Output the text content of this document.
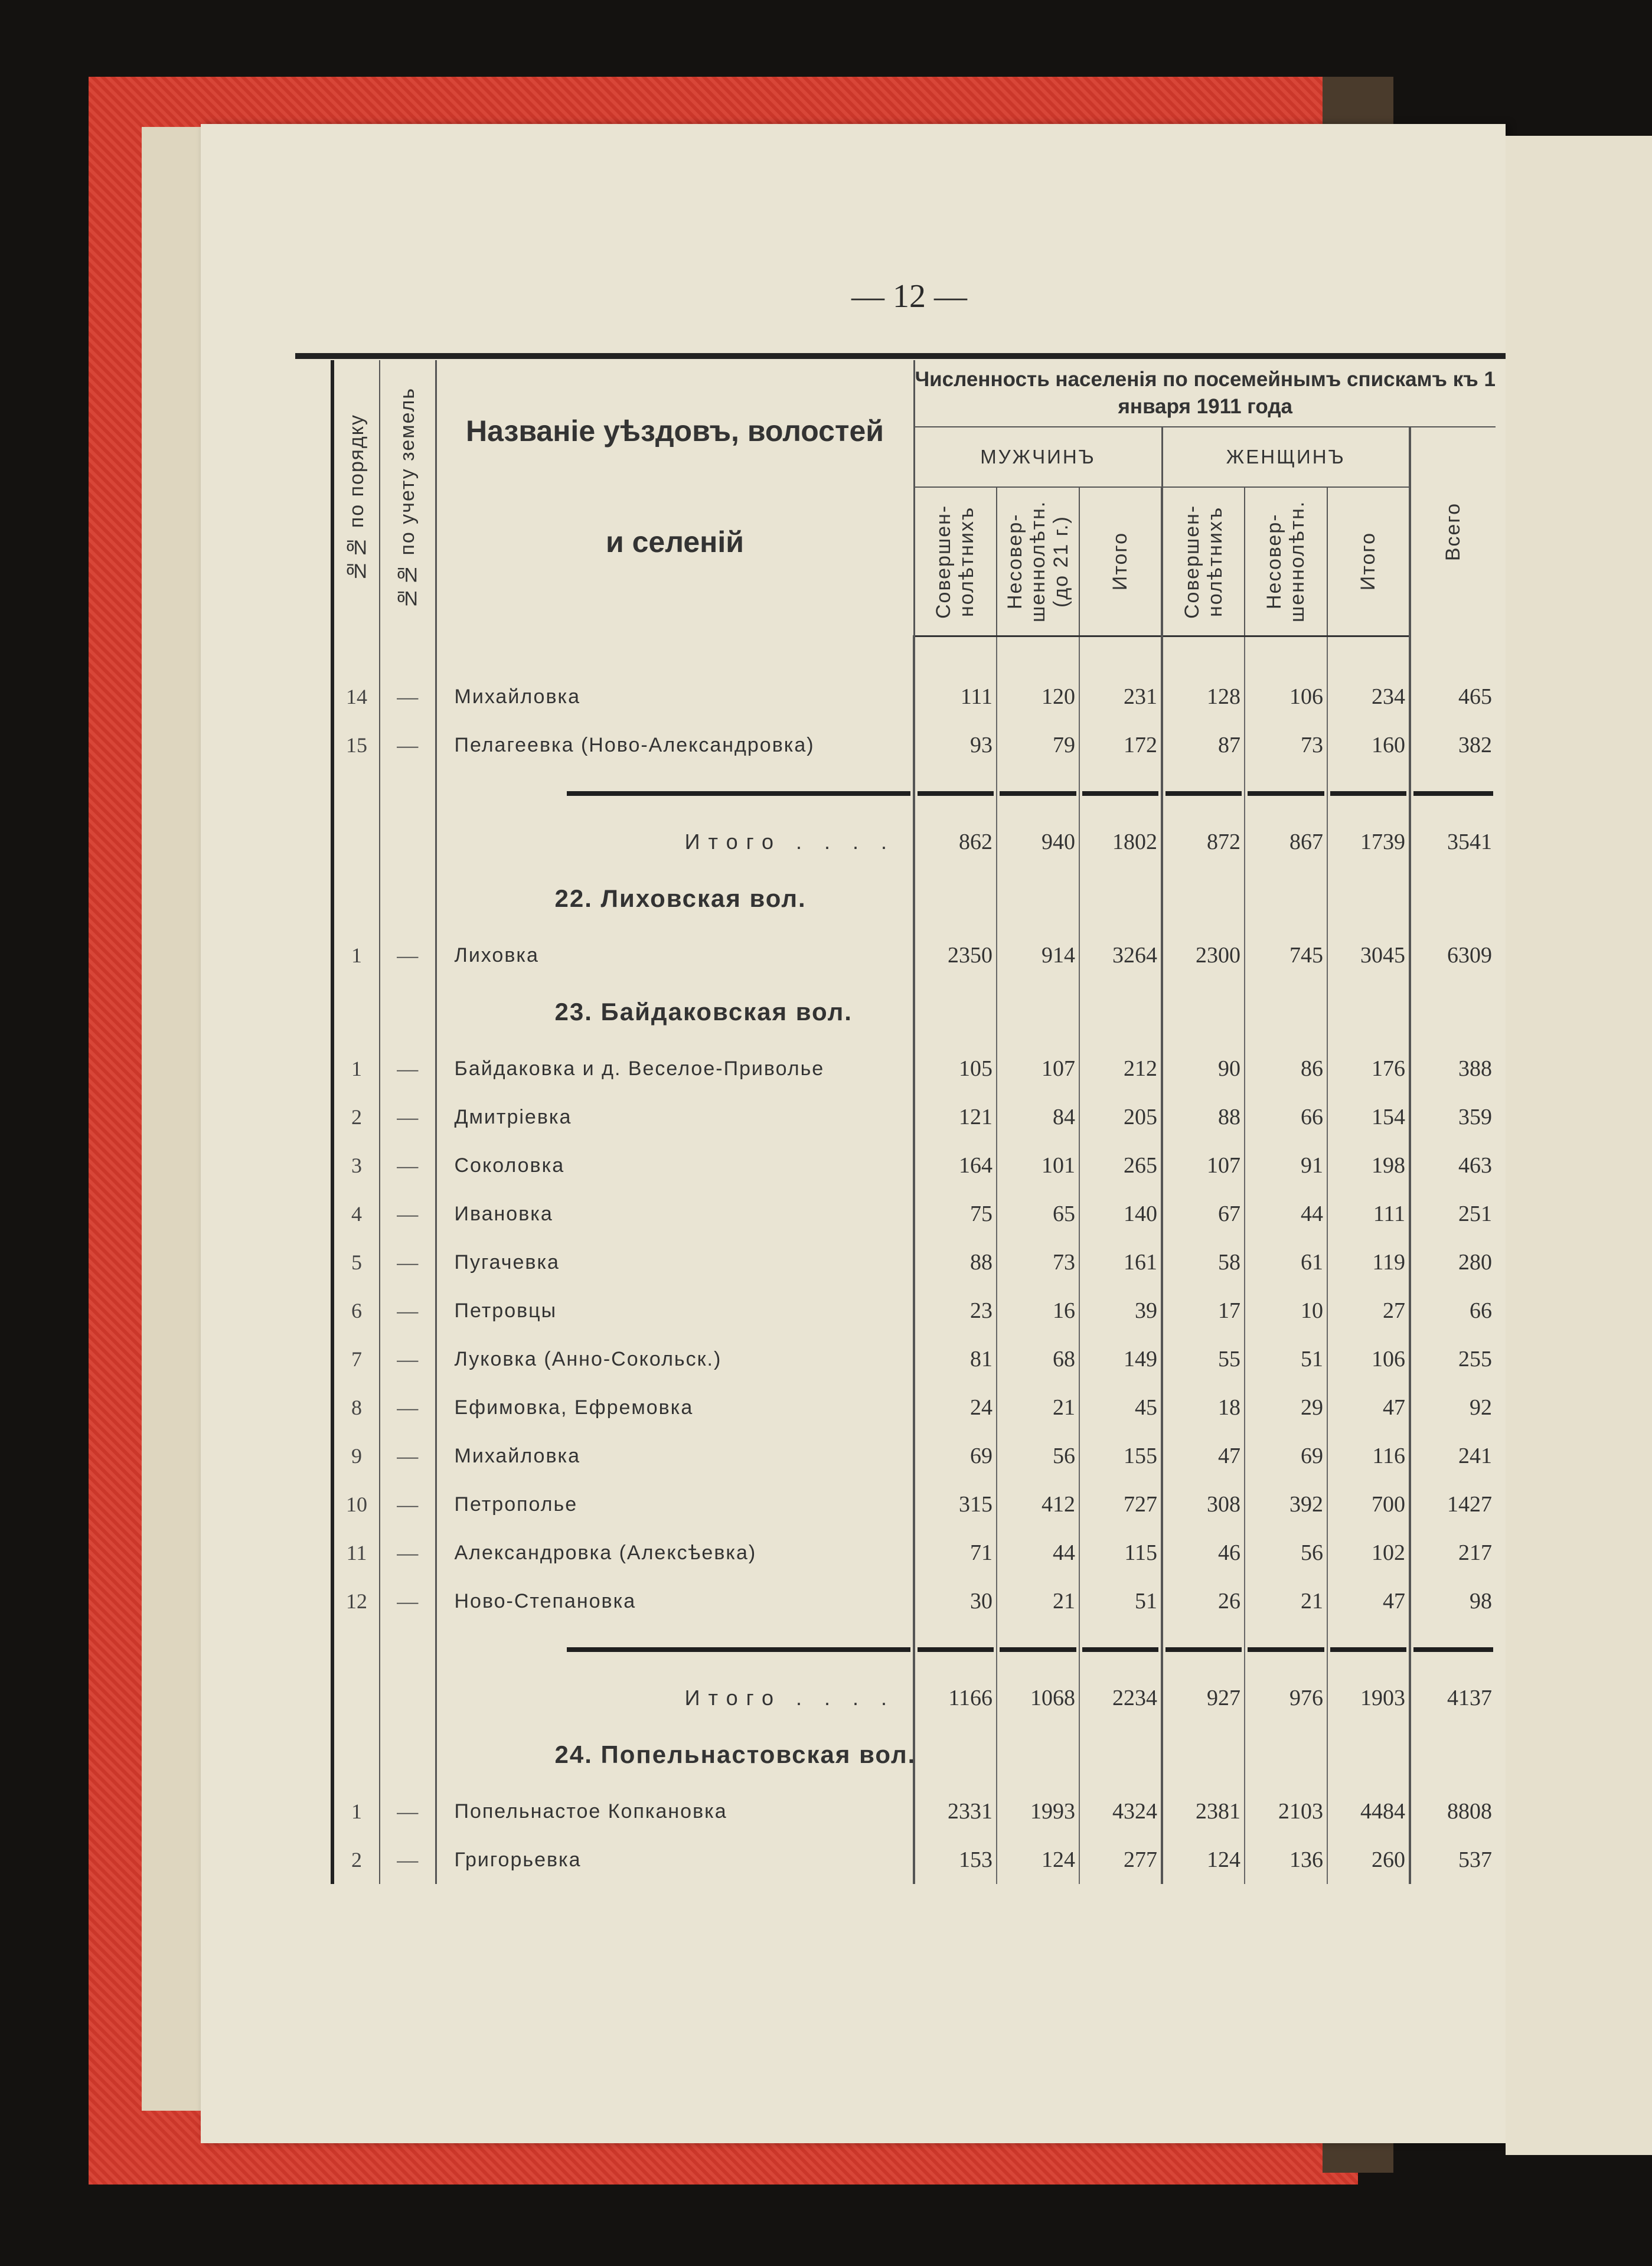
— 12 —
№№ по порядку	№№ по учету земель	Названіе уѣздовъ, волостей
и селеній	Численность населенія по посемейнымъ спискамъ къ 1 января 1911 года						
			МУЖЧИНЪ			ЖЕНЩИНЪ			Всего

			Совершен-нолѣтнихъ	Несовер-шеннолѣтн. (до 21 г.)	Итого	Совершен-нолѣтнихъ	Несовер-шеннолѣтн.	Итого	

14	—	Михайловка	111	120	231	128	106	234	465
15	—	Пелагеевка (Ново-Александровка)	93	79	172	87	73	160	382

		Итого . . . .	862	940	1802	872	867	1739	3541
		22. Лиховская вол.							
1	—	Лиховка	2350	914	3264	2300	745	3045	6309
		23. Байдаковская вол.							
1	—	Байдаковка и д. Веселое-Приволье	105	107	212	90	86	176	388
2	—	Дмитріевка	121	84	205	88	66	154	359
3	—	Соколовка	164	101	265	107	91	198	463
4	—	Ивановка	75	65	140	67	44	111	251
5	—	Пугачевка	88	73	161	58	61	119	280
6	—	Петровцы	23	16	39	17	10	27	66
7	—	Луковка (Анно-Сокольск.)	81	68	149	55	51	106	255
8	—	Ефимовка, Ефремовка	24	21	45	18	29	47	92
9	—	Михайловка	69	56	155	47	69	116	241
10	—	Петрополье	315	412	727	308	392	700	1427
11	—	Александровка (Алексѣевка)	71	44	115	46	56	102	217
12	—	Ново-Степановка	30	21	51	26	21	47	98

		Итого . . . .	1166	1068	2234	927	976	1903	4137
		24. Попельнастовская вол.							
1	—	Попельнастое Копкановка	2331	1993	4324	2381	2103	4484	8808
2	—	Григорьевка	153	124	277	124	136	260	537
